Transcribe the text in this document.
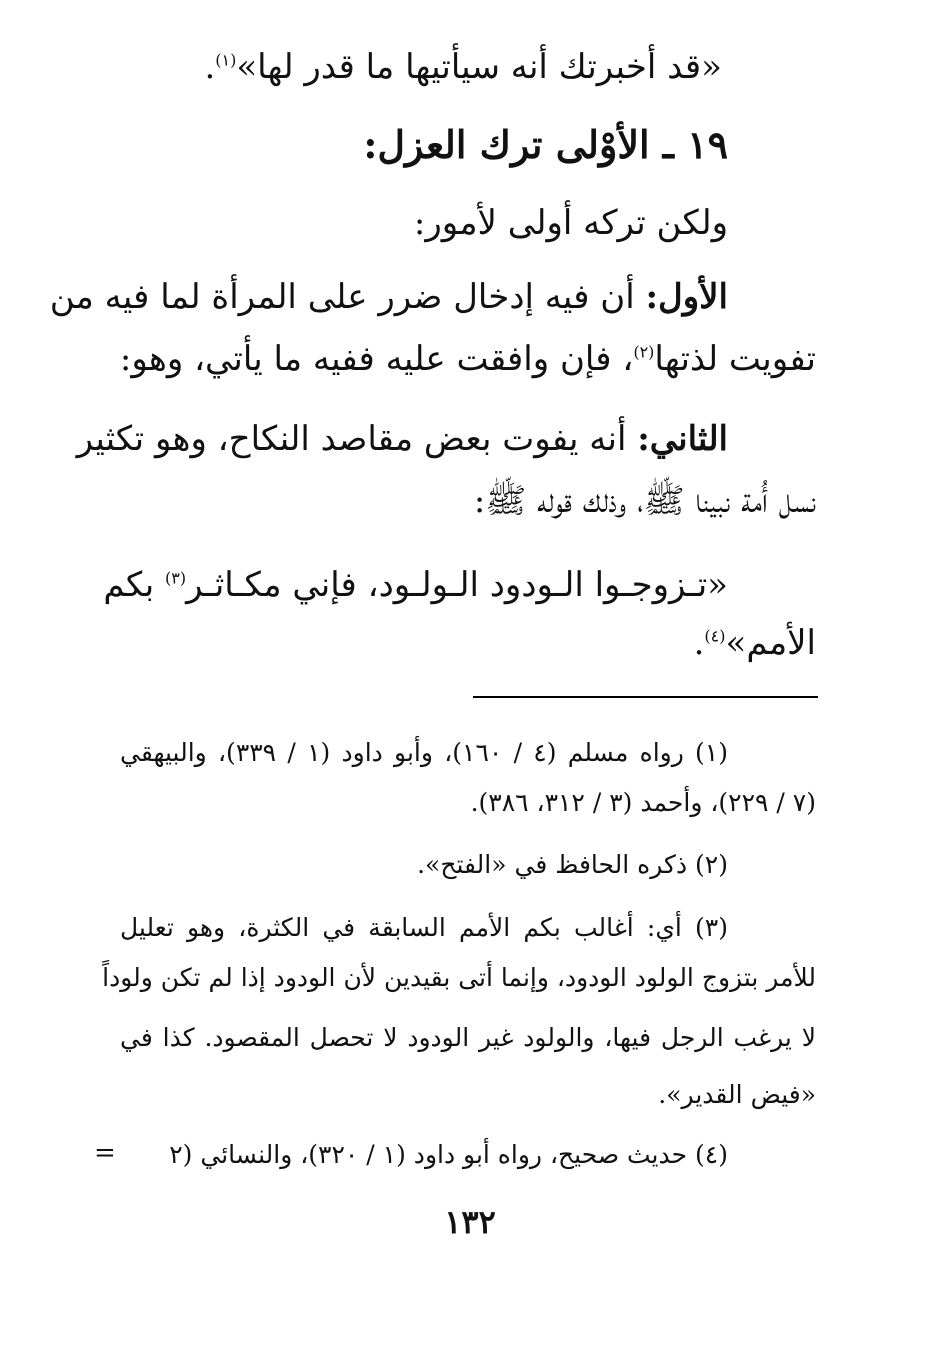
«قد أخبرتك أنه سيأتيها ما قدر لها»$^{(١)}$.
١٩ ـ الأوْلى ترك العزل:
ولكن تركه أولى لأمور:
الأول: أن فيه إدخال ضرر على المرأة لما فيه من
تفويت لذتها$^{(٢)}$، فإن وافقت عليه ففيه ما يأتي، وهو:
الثاني: أنه يفوت بعض مقاصد النكاح، وهو تكثير
نسل أُمة نبينا ﷺ، وذلك قوله ﷺ:
«تـزوجـوا الـودود الـولـود، فإني مكـاثـر$^{(٣)}$ بكم
الأمم»$^{(٤)}$.
(١) رواه مسلم (٤ / ١٦٠)، وأبو داود (١ / ٣٣٩)، والبيهقي
(٧ / ٢٢٩)، وأحمد (٣ / ٣١٢، ٣٨٦).
(٢) ذكره الحافظ في «الفتح».
(٣) أي: أغالب بكم الأمم السابقة في الكثرة، وهو تعليل
للأمر بتزوج الولود الودود، وإنما أتى بقيدين لأن الودود إذا لم تكن ولوداً
لا يرغب الرجل فيها، والولود غير الودود لا تحصل المقصود. كذا في
«فيض القدير».
(٤) حديث صحيح، رواه أبو داود (١ / ٣٢٠)، والنسائي (٢
=
١٣٢
